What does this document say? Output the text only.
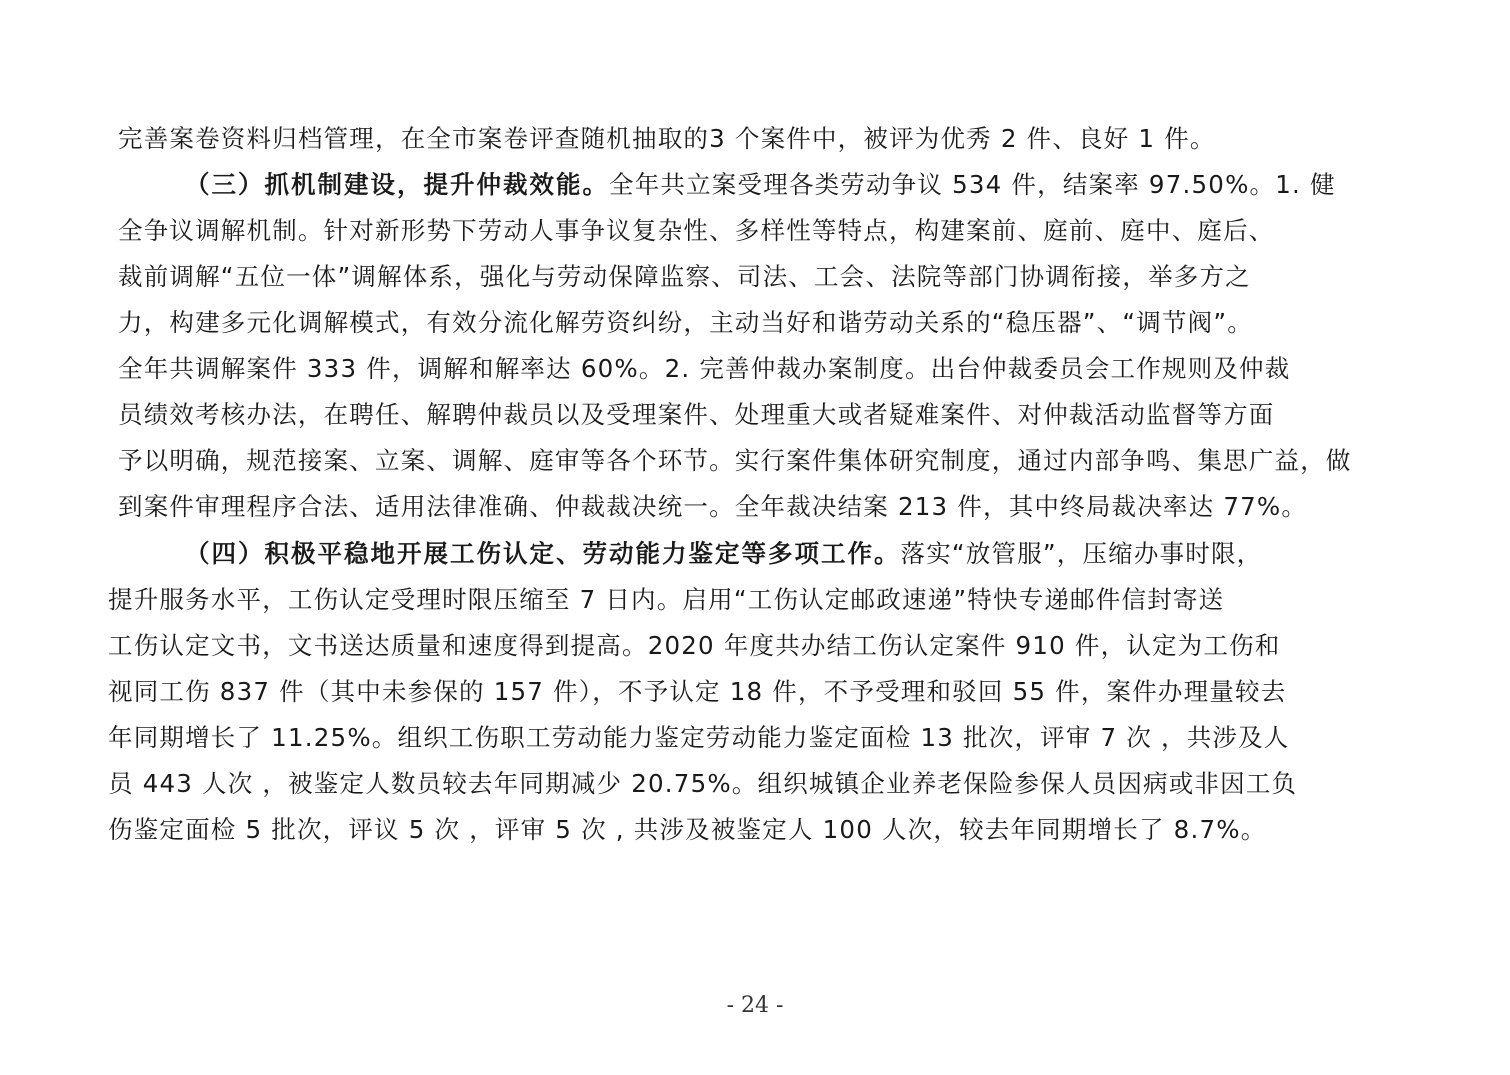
完善案卷资料归档管理，在全市案卷评查随机抽取的3 个案件中，被评为优秀 2 件、良好 1 件。
（三）抓机制建设，提升仲裁效能。全年共立案受理各类劳动争议 534 件，结案率 97.50%。1. 健
全争议调解机制。针对新形势下劳动人事争议复杂性、多样性等特点，构建案前、庭前、庭中、庭后、
裁前调解“五位一体”调解体系，强化与劳动保障监察、司法、工会、法院等部门协调衔接，举多方之
力，构建多元化调解模式，有效分流化解劳资纠纷，主动当好和谐劳动关系的“稳压器”、“调节阀”。
全年共调解案件 333 件，调解和解率达 60%。2. 完善仲裁办案制度。出台仲裁委员会工作规则及仲裁
员绩效考核办法，在聘任、解聘仲裁员以及受理案件、处理重大或者疑难案件、对仲裁活动监督等方面
予以明确，规范接案、立案、调解、庭审等各个环节。实行案件集体研究制度，通过内部争鸣、集思广益，做
到案件审理程序合法、适用法律准确、仲裁裁决统一。全年裁决结案 213 件，其中终局裁决率达 77%。
（四）积极平稳地开展工伤认定、劳动能力鉴定等多项工作。落实“放管服”，压缩办事时限，
提升服务水平，工伤认定受理时限压缩至 7 日内。启用“工伤认定邮政速递”特快专递邮件信封寄送
工伤认定文书，文书送达质量和速度得到提高。2020 年度共办结工伤认定案件 910 件，认定为工伤和
视同工伤 837 件（其中未参保的 157 件），不予认定 18 件，不予受理和驳回 55 件，案件办理量较去
年同期增长了 11.25%。组织工伤职工劳动能力鉴定劳动能力鉴定面检 13 批次，评审 7 次 ，共涉及人
员 443 人次 ，被鉴定人数员较去年同期减少 20.75%。组织城镇企业养老保险参保人员因病或非因工负
伤鉴定面检 5 批次，评议 5 次 ，评审 5 次 , 共涉及被鉴定人 100 人次，较去年同期增长了 8.7%。
- 24 -
